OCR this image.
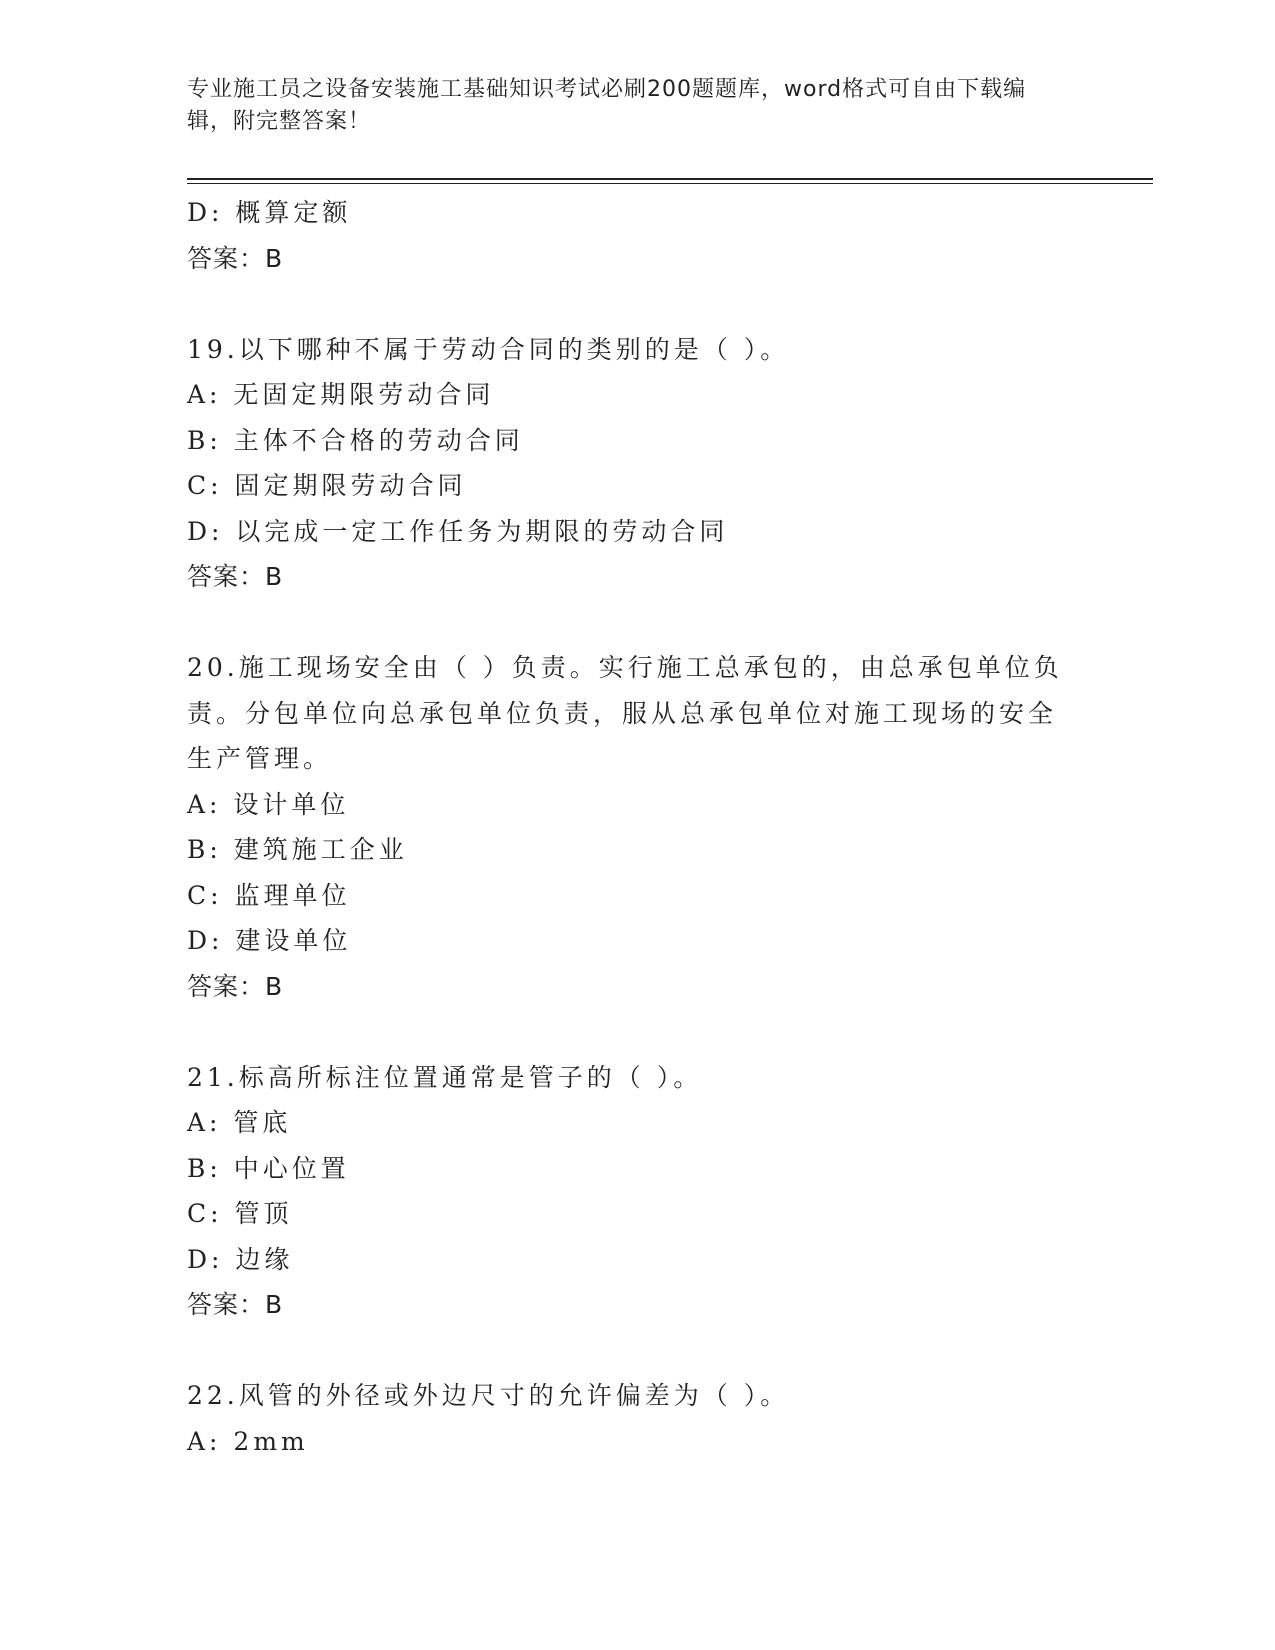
专业施工员之设备安装施工基础知识考试必刷200题题库，word格式可自由下载编辑，附完整答案！
D: 概算定额
答案：B
19.以下哪种不属于劳动合同的类别的是（ ）。
A: 无固定期限劳动合同
B: 主体不合格的劳动合同
C: 固定期限劳动合同
D: 以完成一定工作任务为期限的劳动合同
答案：B
20.施工现场安全由（ ）负责。实行施工总承包的，由总承包单位负责。分包单位向总承包单位负责，服从总承包单位对施工现场的安全生产管理。
A: 设计单位
B: 建筑施工企业
C: 监理单位
D: 建设单位
答案：B
21.标高所标注位置通常是管子的（ ）。
A: 管底
B: 中心位置
C: 管顶
D: 边缘
答案：B
22.风管的外径或外边尺寸的允许偏差为（ ）。
A: 2mm
